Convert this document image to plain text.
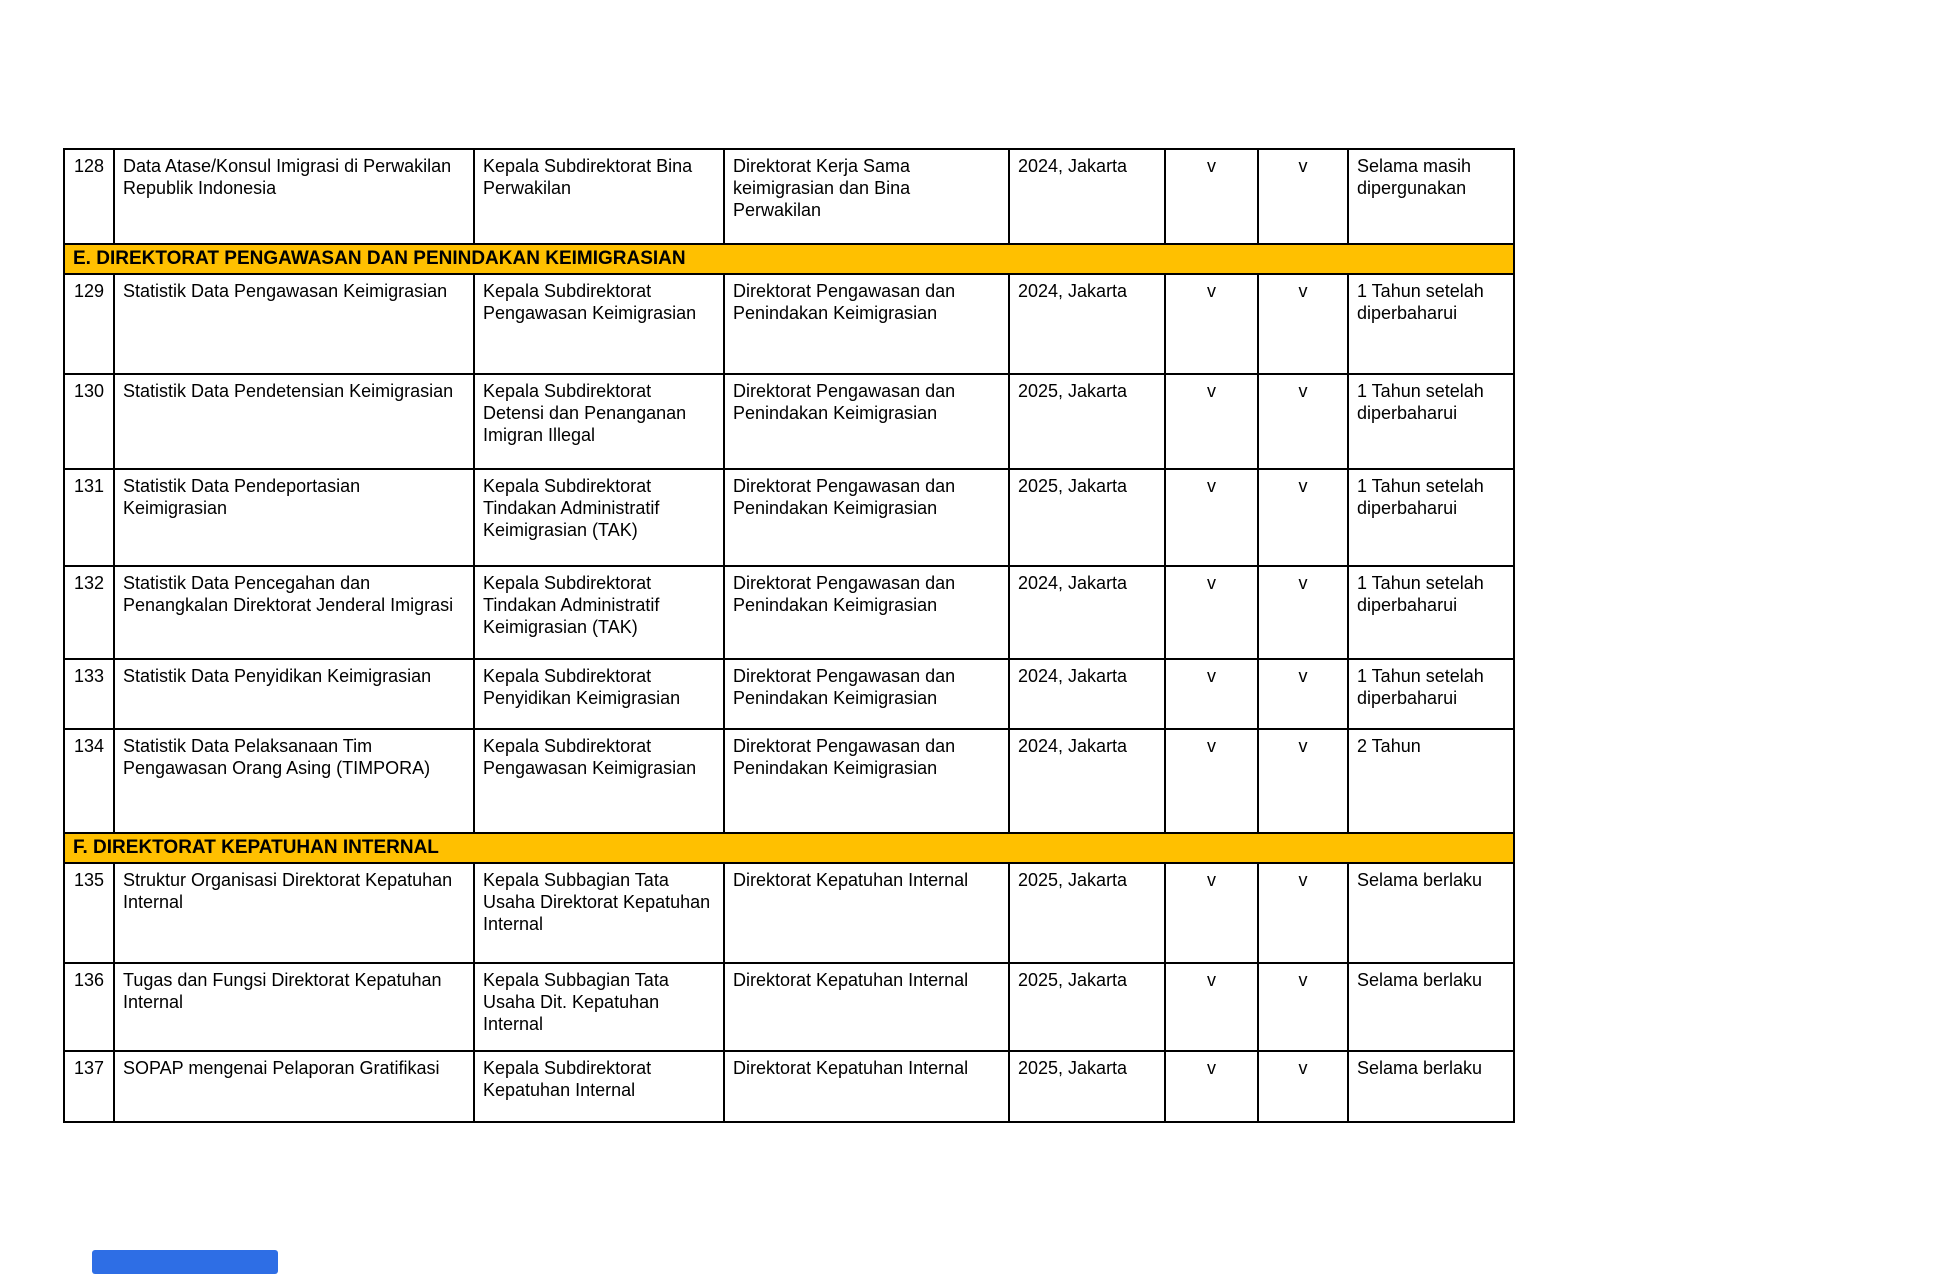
128	Data Atase/Konsul Imigrasi di Perwakilan Republik Indonesia	Kepala Subdirektorat Bina Perwakilan	Direktorat Kerja Sama keimigrasian dan Bina Perwakilan	2024, Jakarta	v	v	Selama masih dipergunakan
E. DIREKTORAT PENGAWASAN DAN PENINDAKAN KEIMIGRASIAN							
129	Statistik Data Pengawasan Keimigrasian	Kepala Subdirektorat Pengawasan Keimigrasian	Direktorat Pengawasan dan Penindakan Keimigrasian	2024, Jakarta	v	v	1 Tahun setelah diperbaharui
130	Statistik Data Pendetensian Keimigrasian	Kepala Subdirektorat Detensi dan Penanganan Imigran Illegal	Direktorat Pengawasan dan Penindakan Keimigrasian	2025, Jakarta	v	v	1 Tahun setelah diperbaharui
131	Statistik Data Pendeportasian Keimigrasian	Kepala Subdirektorat Tindakan Administratif Keimigrasian (TAK)	Direktorat Pengawasan dan Penindakan Keimigrasian	2025, Jakarta	v	v	1 Tahun setelah diperbaharui
132	Statistik Data Pencegahan dan Penangkalan Direktorat Jenderal Imigrasi	Kepala Subdirektorat Tindakan Administratif Keimigrasian (TAK)	Direktorat Pengawasan dan Penindakan Keimigrasian	2024, Jakarta	v	v	1 Tahun setelah diperbaharui
133	Statistik Data Penyidikan Keimigrasian	Kepala Subdirektorat Penyidikan Keimigrasian	Direktorat Pengawasan dan Penindakan Keimigrasian	2024, Jakarta	v	v	1 Tahun setelah diperbaharui
134	Statistik Data Pelaksanaan Tim Pengawasan Orang Asing (TIMPORA)	Kepala Subdirektorat Pengawasan Keimigrasian	Direktorat Pengawasan dan Penindakan Keimigrasian	2024, Jakarta	v	v	2 Tahun
F. DIREKTORAT KEPATUHAN INTERNAL							
135	Struktur Organisasi Direktorat Kepatuhan Internal	Kepala Subbagian Tata Usaha Direktorat Kepatuhan Internal	Direktorat Kepatuhan Internal	2025, Jakarta	v	v	Selama berlaku
136	Tugas dan Fungsi Direktorat Kepatuhan Internal	Kepala Subbagian Tata Usaha Dit. Kepatuhan Internal	Direktorat Kepatuhan Internal	2025, Jakarta	v	v	Selama berlaku
137	SOPAP mengenai Pelaporan Gratifikasi	Kepala Subdirektorat Kepatuhan Internal	Direktorat Kepatuhan Internal	2025, Jakarta	v	v	Selama berlaku
